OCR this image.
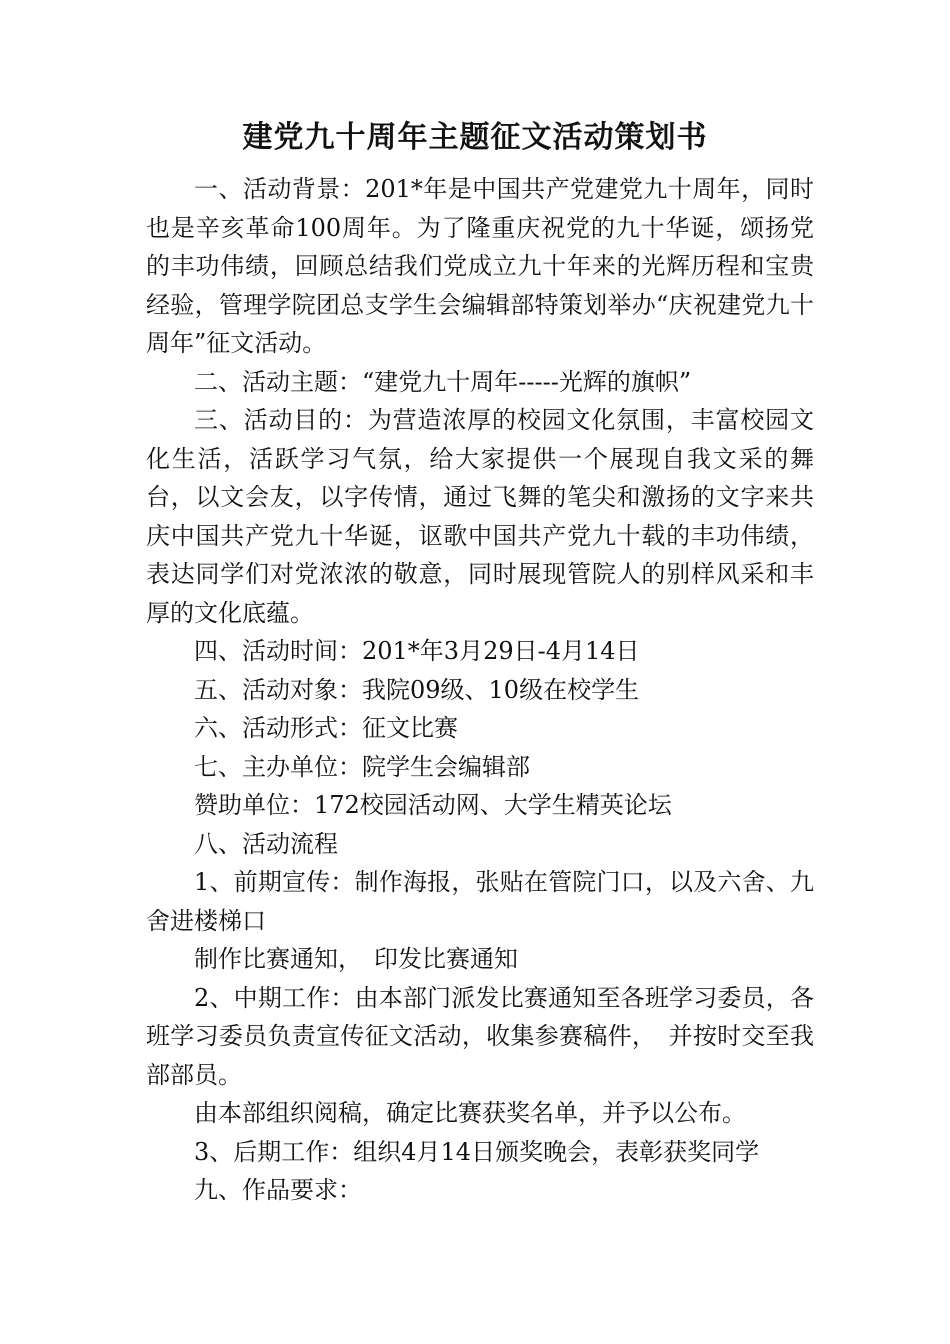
建党九十周年主题征文活动策划书

一、活动背景：201*年是中国共产党建党九十周年，同时也是辛亥革命100周年。为了隆重庆祝党的九十华诞，颂扬党的丰功伟绩，回顾总结我们党成立九十年来的光辉历程和宝贵经验，管理学院团总支学生会编辑部特策划举办“庆祝建党九十周年”征文活动。

二、活动主题：“建党九十周年-----光辉的旗帜”

三、活动目的：为营造浓厚的校园文化氛围，丰富校园文化生活，活跃学习气氛，给大家提供一个展现自我文采的舞台，以文会友，以字传情，通过飞舞的笔尖和激扬的文字来共庆中国共产党九十华诞，讴歌中国共产党九十载的丰功伟绩，表达同学们对党浓浓的敬意，同时展现管院人的别样风采和丰厚的文化底蕴。

四、活动时间：201*年3月29日-4月14日

五、活动对象：我院09级、10级在校学生

六、活动形式：征文比赛

七、主办单位：院学生会编辑部

赞助单位：172校园活动网、大学生精英论坛

八、活动流程

1、前期宣传：制作海报，张贴在管院门口，以及六舍、九舍进楼梯口

制作比赛通知，　印发比赛通知

2、中期工作：由本部门派发比赛通知至各班学习委员，各班学习委员负责宣传征文活动，收集参赛稿件，　并按时交至我部部员。

由本部组织阅稿，确定比赛获奖名单，并予以公布。

3、后期工作：组织4月14日颁奖晚会，表彰获奖同学

九、作品要求：
